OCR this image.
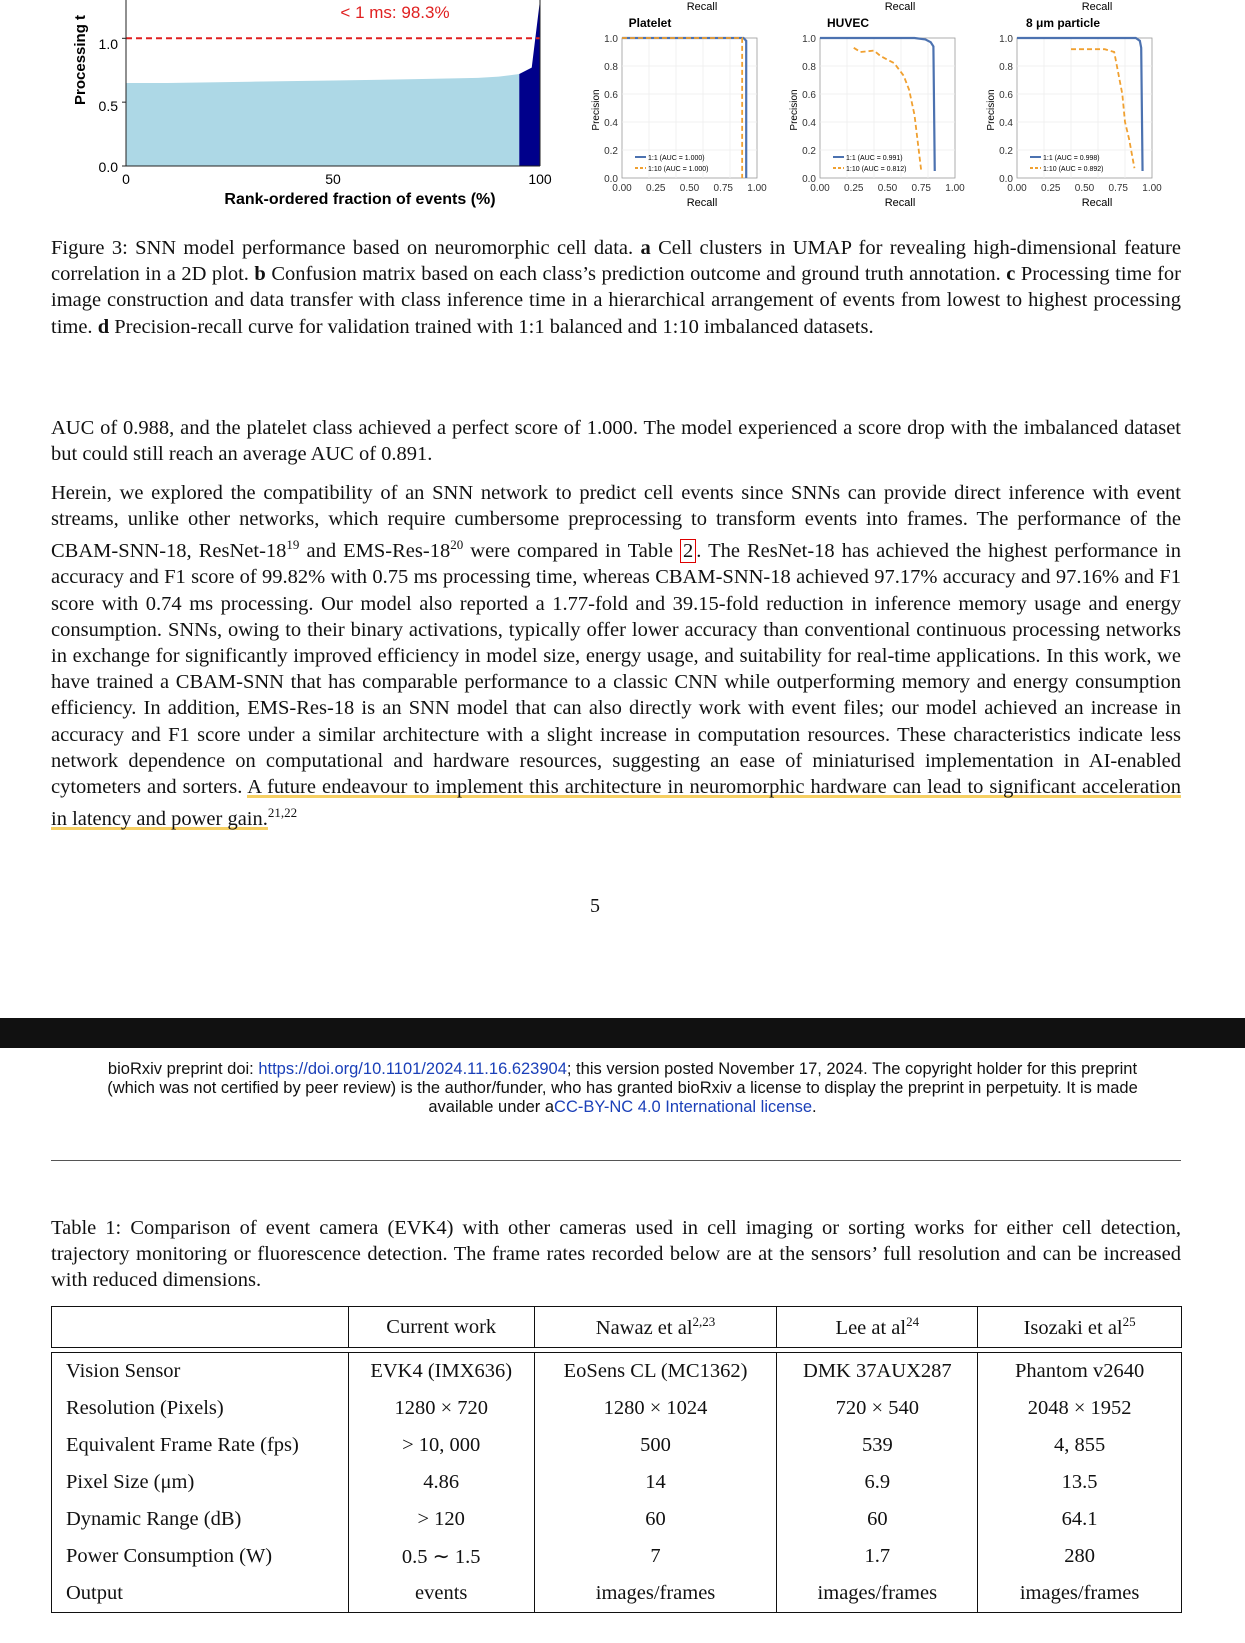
Processing t
< 1 ms: 98.3%
Rank-ordered fraction of events (%)
1.0
0.5
0.0
0	50	100
1.0
0.8
0.6
0.4
0.2
0.0
0.00 0.25 0.50 0.75 1.00
Recall
Platelet
Precision
Recall
1:1 (AUC = 1.000)
1:10 (AUC = 1.000)
1.0
0.8
0.6
0.4
0.2
0.0
0.00 0.25 0.50 0.75 1.00
Recall
HUVEC
Precision
Recall
1:1 (AUC = 0.991)
1:10 (AUC = 0.812)
1.0
0.8
0.6
0.4
0.2
0.0
0.00 0.25 0.50 0.75 1.00
Recall
8 μm particle
Precision
Recall
1:1 (AUC = 0.998)
1:10 (AUC = 0.892)
Figure 3: SNN model performance based on neuromorphic cell data. a Cell clusters in UMAP for revealing high-dimensional feature correlation in a 2D plot. b Confusion matrix based on each class’s prediction outcome and ground truth annotation. c Processing time for image construction and data transfer with class inference time in a hierarchical arrangement of events from lowest to highest processing time. d Precision-recall curve for validation trained with 1:1 balanced and 1:10 imbalanced datasets.
AUC of 0.988, and the platelet class achieved a perfect score of 1.000. The model experienced a score drop with the imbalanced dataset but could still reach an average AUC of 0.891.
Herein, we explored the compatibility of an SNN network to predict cell events since SNNs can provide direct inference with event streams, unlike other networks, which require cumbersome preprocessing to transform events into frames. The performance of the CBAM-SNN-18, ResNet-$18^{19}$ and EMS-$Res-18^{20}$ were compared in Table 2 . The ResNet-18 has achieved the highest performance in accuracy and F1 score of 99.82% with 0.75 ms processing time, whereas CBAM-SNN-18 achieved 97.17% accuracy and 97.16% and F1 score with 0.74 ms processing. Our model also reported a 1.77-fold and 39.15-fold reduction in inference memory usage and energy consumption. SNNs, owing to their binary activations, typically offer lower accuracy than conventional continuous processing networks in exchange for significantly improved efficiency in model size, energy usage, and suitability for real-time applications. In this work, we have trained a CBAM-SNN that has comparable performance to a classic CNN while outperforming memory and energy consumption efficiency. In addition, EMS-Res-18 is an SNN model that can also directly work with event files; our model achieved an increase in accuracy and F1 score under a similar architecture with a slight increase in computation resources. These characteristics indicate less network dependence on computational and hardware resources, suggesting an ease of miniaturised implementation in AI-enabled cytometers and sorters. A future endeavour to implement this architecture in neuromorphic hardware can lead to significant acceleration in latency and power gain.$^{21,22}$
5
bioRxiv preprint doi: https://doi.org/10.1101/2024.11.16.623904; this version posted November 17, 2024. The copyright holder for this preprint
(which was not certified by peer review) is the author/funder, who has granted bioRxiv a license to display the preprint in perpetuity. It is made
available under aCC-BY-NC 4.0 International license.
Table 1: Comparison of event camera (EVK4) with other cameras used in cell imaging or sorting works for either cell detection, trajectory monitoring or fluorescence detection. The frame rates recorded below are at the sensors’ full resolution and can be increased with reduced dimensions.
	Current work	Nawaz et al$^{2,23}$	Lee at $al^{24}$	Isozaki et $al^{25}$

Vision Sensor	EVK4 (IMX636)	EoSens CL (MC1362)	DMK 37AUX287	Phantom v2640
Resolution (Pixels)	1280 × 720	1280 × 1024	720 × 540	2048 × 1952
Equivalent Frame Rate (fps)	> 10, 000	500	539	4, 855
Pixel Size (μm)	4.86	14	6.9	13.5
Dynamic Range (dB)	> 120	60	60	64.1
Power Consumption (W)	0.5 ∼ 1.5	7	1.7	280
Output	events	images/frames	images/frames	images/frames
